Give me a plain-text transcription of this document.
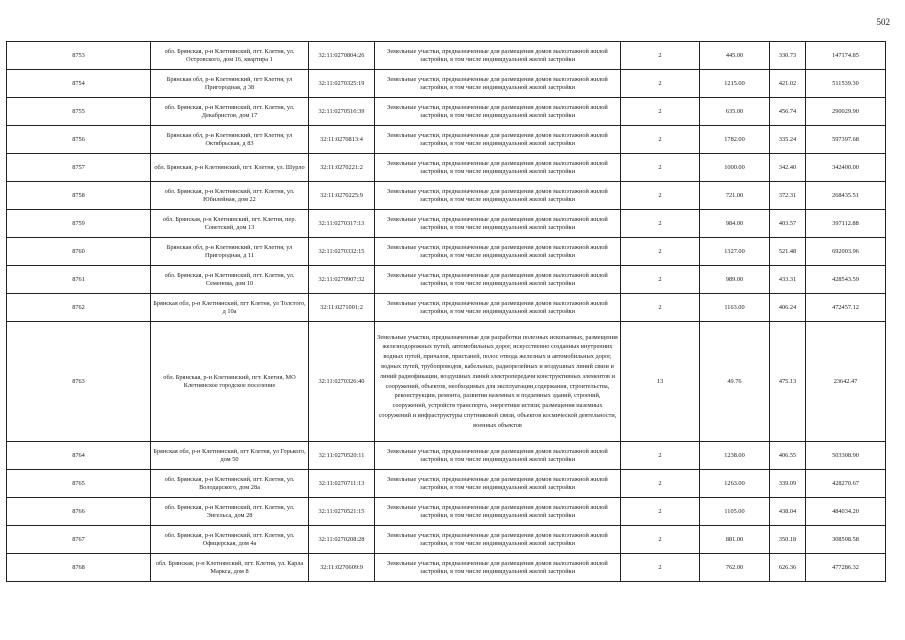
502
8753	обл. Брянская, р-н Клетнянский, пгт. Клетня, ул. Островского, дом 16, квартира 1	32:11:0270804:26	Земельные участки, предназначенные для размещения домов малоэтажной жилой застройки, в том числе индивидуальной жилой застройки	2	445.00	330.73	147174.85
8754	Брянская обл, р-н Клетнянский, пгт Клетня, ул Пригородная, д 38	32:11:0270325:19	Земельные участки, предназначенные для размещения домов малоэтажной жилой застройки, в том числе индивидуальной жилой застройки	2	1215.00	421.02	511539.30
8755	обл. Брянская, р-н Клетнянский, пгт. Клетня, ул. Декабристов, дом 17	32:11:0270516:39	Земельные участки, предназначенные для размещения домов малоэтажной жилой застройки, в том числе индивидуальной жилой застройки	2	635.00	456.74	290029.90
8756	Брянская обл, р-н Клетнянский, пгт Клетня, ул Октябрьская, д 83	32:11:0270813:4	Земельные участки, предназначенные для размещения домов малоэтажной жилой застройки, в том числе индивидуальной жилой застройки	2	1782.00	335.24	597397.68
8757	обл. Брянская, р-н Клетнянский, пгт. Клетня, ул. Шурло	32:11:0270221:2	Земельные участки, предназначенные для размещения домов малоэтажной жилой застройки, в том числе индивидуальной жилой застройки	2	1000.00	342.40	342400.00
8758	обл. Брянская, р-н Клетнянский, пгт. Клетня, ул. Юбилейная, дом 22	32:11:0270225:9	Земельные участки, предназначенные для размещения домов малоэтажной жилой застройки, в том числе индивидуальной жилой застройки	2	721.00	372.31	268435.51
8759	обл. Брянская, р-н Клетнянский, пгт. Клетня, пер. Советский, дом 13	32:11:0270317:13	Земельные участки, предназначенные для размещения домов малоэтажной жилой застройки, в том числе индивидуальной жилой застройки	2	984.00	403.57	397112.88
8760	Брянская обл, р-н Клетнянский, пгт Клетня, ул Пригородная, д 11	32:11:0270332:15	Земельные участки, предназначенные для размещения домов малоэтажной жилой застройки, в том числе индивидуальной жилой застройки	2	1327.00	521.48	692003.96
8761	обл. Брянская, р-н Клетнянский, пгт. Клетня, ул. Семенова, дом 10	32:11:0270907:32	Земельные участки, предназначенные для размещения домов малоэтажной жилой застройки, в том числе индивидуальной жилой застройки	2	989.00	433.31	428543.59
8762	Брянская обл, р-н Клетнянский, пгт Клетня, ул Толстого, д 10а	32:11:0271001:2	Земельные участки, предназначенные для размещения домов малоэтажной жилой застройки, в том числе индивидуальной жилой застройки	2	1163.00	406.24	472457.12
8763	обл. Брянская, р-н Клетнянский, пгт. Клетня, МО Клетнянское городское поселение	32:11:0270326:40	Земельные участки, предназначенные для разработки полезных ископаемых, размещения железнодорожных путей, автомобильных дорог, искусственно созданных внутренних водных путей, причалов, пристаней, полос отвода железных и автомобильных дорог, водных путей, трубопроводов, кабельных, радиорелейных и воздушных линий связи и линий радиофикации, воздушных линий электропередачи конструктивных элементов и сооружений, объектов, необходимых для эксплуатации,содержания, строительства, реконструкции, ремонта, развития наземных и подземных зданий, строений, сооружений, устройств транспорта, энергетики истязи; размещения наземных сооружений и инфраструктуры спутниковой связи, объектов космической деятельности, военных объектов	13	49.76	475.13	23642.47
8764	Брянская обл, р-н Клетнянский, пгт Клетня, ул Горького, дом 50	32:11:0270520:11	Земельные участки, предназначенные для размещения домов малоэтажной жилой застройки, в том числе индивидуальной жилой застройки	2	1238.00	406.55	503308.90
8765	обл. Брянская, р-н Клетнянский, пгт. Клетня, ул. Володарского, дом 28а	32:11:0270711:13	Земельные участки, предназначенные для размещения домов малоэтажной жилой застройки, в том числе индивидуальной жилой застройки	2	1263.00	339.09	428270.67
8766	обл. Брянская, р-н Клетнянский, пгт. Клетня, ул. Энгельса, дом 28	32:11:0270521:15	Земельные участки, предназначенные для размещения домов малоэтажной жилой застройки, в том числе индивидуальной жилой застройки	2	1105.00	438.04	484034.20
8767	обл. Брянская, р-н Клетнянский, пгт. Клетня, ул. Офицерская, дом 4а	32:11:0270208:28	Земельные участки, предназначенные для размещения домов малоэтажной жилой застройки, в том числе индивидуальной жилой застройки	2	881.00	350.18	308508.58
8768	обл. Брянская, р-н Клетнянский, пгт. Клетня, ул. Карла Маркса, дом 8	32:11:0270609:9	Земельные участки, предназначенные для размещения домов малоэтажной жилой застройки, в том числе индивидуальной жилой застройки	2	762.00	626.36	477286.32
